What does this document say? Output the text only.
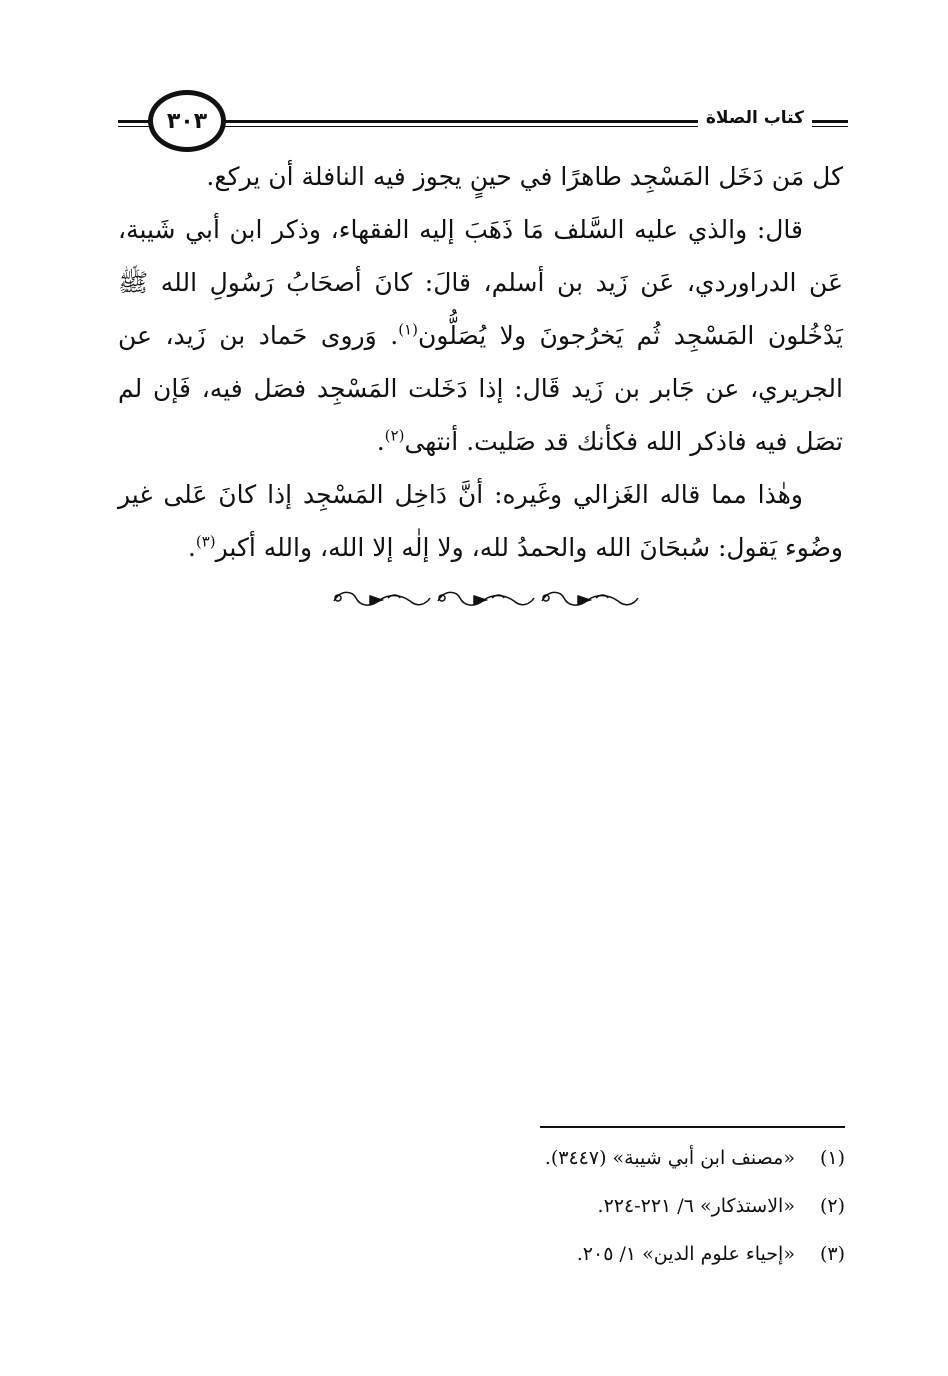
٣٠٣	كتاب الصلاة

كل مَن دَخَل المَسْجِد طاهرًا في حينٍ يجوز فيه النافلة أن يركع.

قال: والذي عليه السَّلف مَا ذَهَبَ إليه الفقهاء، وذكر ابن أبي شَيبة، عَن الدراوردي، عَن زَيد بن أسلم، قالَ: كانَ أصحَابُ رَسُولِ الله ﷺ يَدْخُلون المَسْجِد ثُم يَخرُجونَ ولا يُصَلُّون$^{(١)}$. وَروى حَماد بن زَيد، عن الجريري، عن جَابر بن زَيد قَال: إذا دَخَلت المَسْجِد فصَل فيه، فَإن لم تصَل فيه فاذكر الله فكأنك قد صَليت. أنتهى$^{(٢)}$.

وهٰذا مما قاله الغَزالي وغَيره: أنَّ دَاخِل المَسْجِد إذا كانَ عَلى غير وضُوء يَقول: سُبحَانَ الله والحمدُ لله، ولا إلٰه إلا الله، والله أكبر$^{(٣)}$.

(١) «مصنف ابن أبي شيبة» (٣٤٤٧).
(٢) «الاستذكار» ٦/ ٢٢١-٢٢٤.
(٣) «إحياء علوم الدين» ١/ ٢٠٥.
